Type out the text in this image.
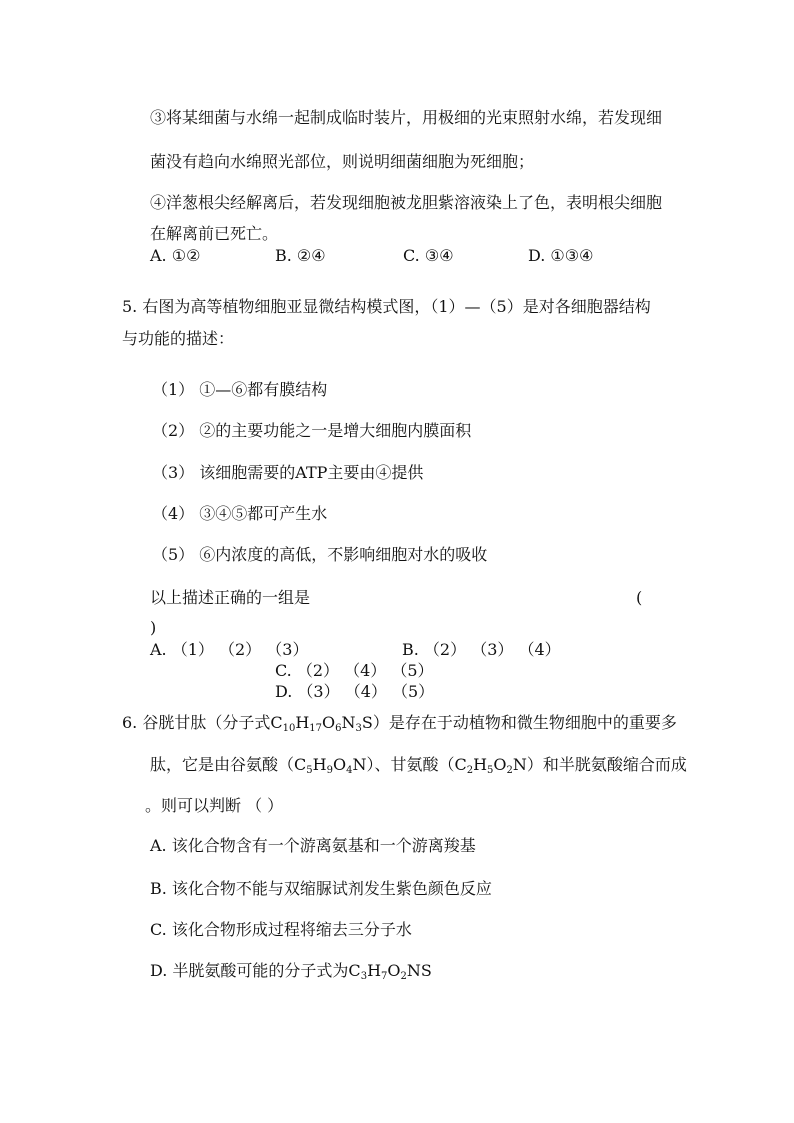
③将某细菌与水绵一起制成临时装片，用极细的光束照射水绵，若发现细
菌没有趋向水绵照光部位，则说明细菌细胞为死细胞；
④洋葱根尖经解离后，若发现细胞被龙胆紫溶液染上了色，表明根尖细胞
在解离前已死亡。
A. ①②	B. ②④	C. ③④	D. ①③④
5. 右图为高等植物细胞亚显微结构模式图，（1）—（5）是对各细胞器结构
与功能的描述：
（1） ①—⑥都有膜结构
（2） ②的主要功能之一是增大细胞内膜面积
（3） 该细胞需要的ATP主要由④提供
（4） ③④⑤都可产生水
（5） ⑥内浓度的高低，不影响细胞对水的吸收
以上描述正确的一组是	(
)
A. （1） （2） （3）	B. （2） （3） （4）
C. （2） （4） （5）
D. （3） （4） （5）
6. 谷胱甘肽（分子式$C_{10}H_{17}O_6N_3S$）是存在于动植物和微生物细胞中的重要多
肽，它是由谷氨酸$(C_5H_9O_4N)$、甘氨酸$(C_2H_5O_2N)$和半胱氨酸缩合而成
。则可以判断 （ ）
A. 该化合物含有一个游离氨基和一个游离羧基
B. 该化合物不能与双缩脲试剂发生紫色颜色反应
C. 该化合物形成过程将缩去三分子水
D. 半胱氨酸可能的分子式为$C_3H_7O_2NS$
